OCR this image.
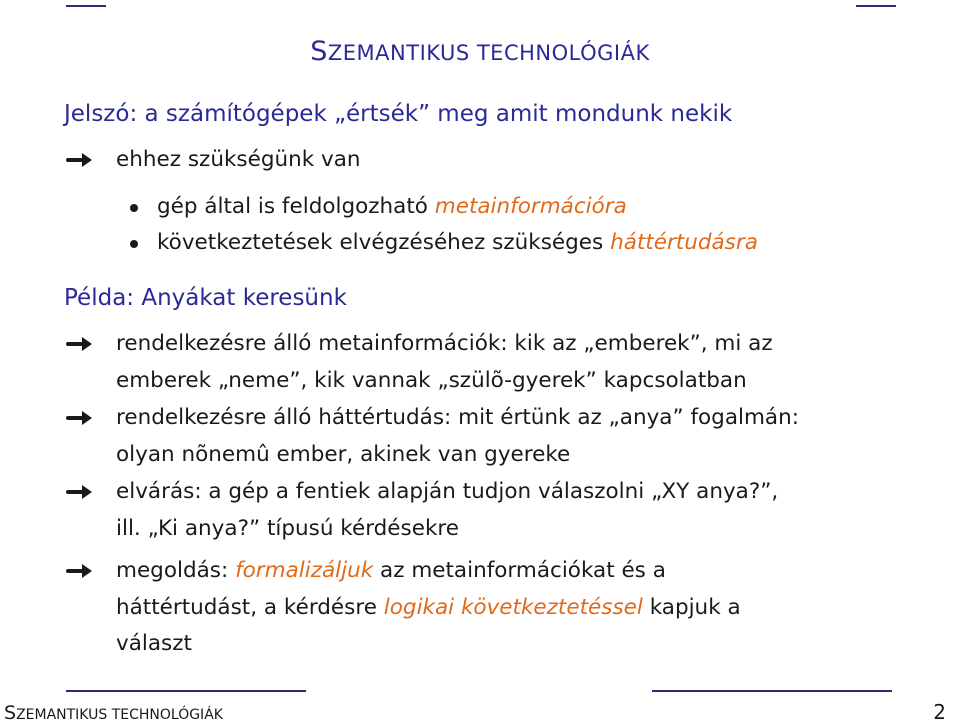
SZEMANTIKUS TECHNOLÓGIÁK
Jelszó: a számítógépek „értsék” meg amit mondunk nekik
ehhez szükségünk van
gép által is feldolgozható metainformációra
következtetések elvégzéséhez szükséges háttértudásra
Példa: Anyákat keresünk
rendelkezésre álló metainformációk: kik az „emberek”, mi az
emberek „neme”, kik vannak „szülõ-gyerek” kapcsolatban
rendelkezésre álló háttértudás: mit értünk az „anya” fogalmán:
olyan nõnemû ember, akinek van gyereke
elvárás: a gép a fentiek alapján tudjon válaszolni „XY anya?”,
ill. „Ki anya?” típusú kérdésekre
megoldás: formalizáljuk az metainformációkat és a
háttértudást, a kérdésre logikai következtetéssel kapjuk a
választ
SZEMANTIKUS TECHNOLÓGIÁK	2
